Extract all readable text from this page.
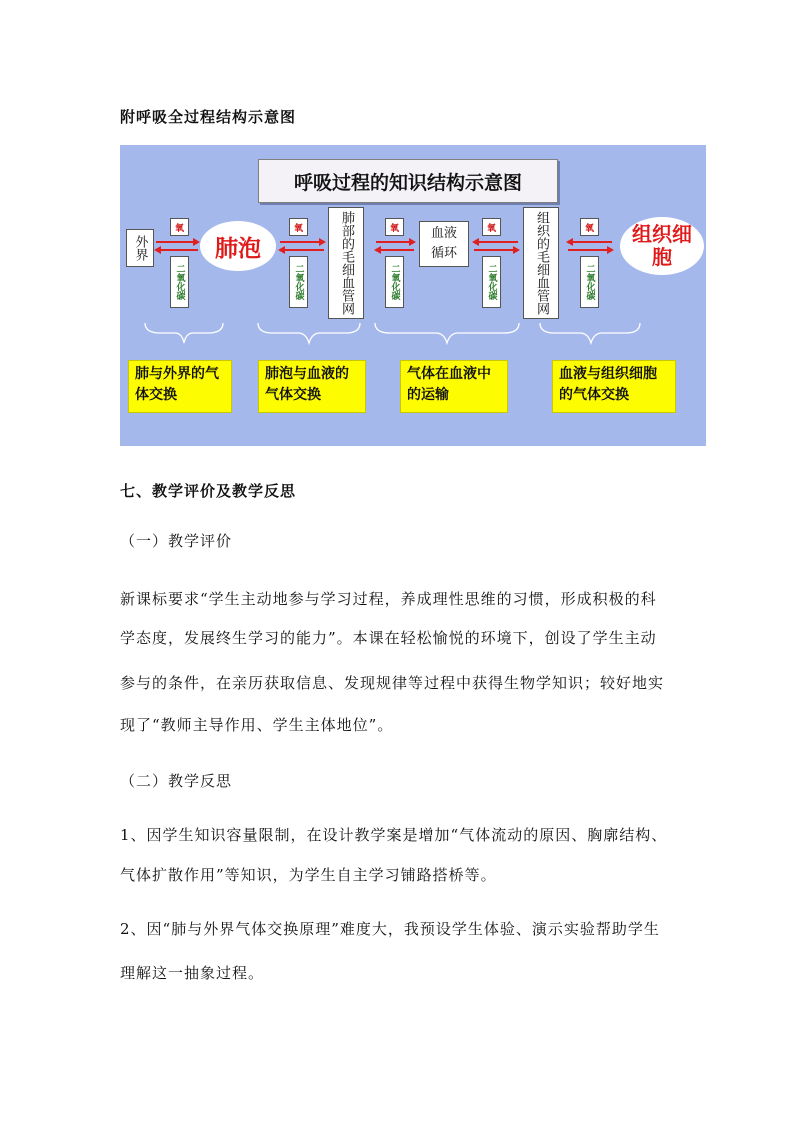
附呼吸全过程结构示意图
呼吸过程的知识结构示意图
外界
氧
二氧化碳
肺泡
氧
二氧化碳	肺部的毛细血管网	氧
二氧化碳
血液循环
氧
二氧化碳	组织的毛细血管网	氧
二氧化碳
组织细胞
肺与外界的气体交换
肺泡与血液的气体交换
气体在血液中的运输
血液与组织细胞的气体交换
七、教学评价及教学反思
（一）教学评价
新课标要求“学生主动地参与学习过程，养成理性思维的习惯，形成积极的科
学态度，发展终生学习的能力”。本课在轻松愉悦的环境下，创设了学生主动
参与的条件，在亲历获取信息、发现规律等过程中获得生物学知识；较好地实
现了“教师主导作用、学生主体地位”。
（二）教学反思
1、因学生知识容量限制，在设计教学案是增加“气体流动的原因、胸廓结构、
气体扩散作用”等知识，为学生自主学习铺路搭桥等。
2、因“肺与外界气体交换原理”难度大，我预设学生体验、演示实验帮助学生
理解这一抽象过程。
